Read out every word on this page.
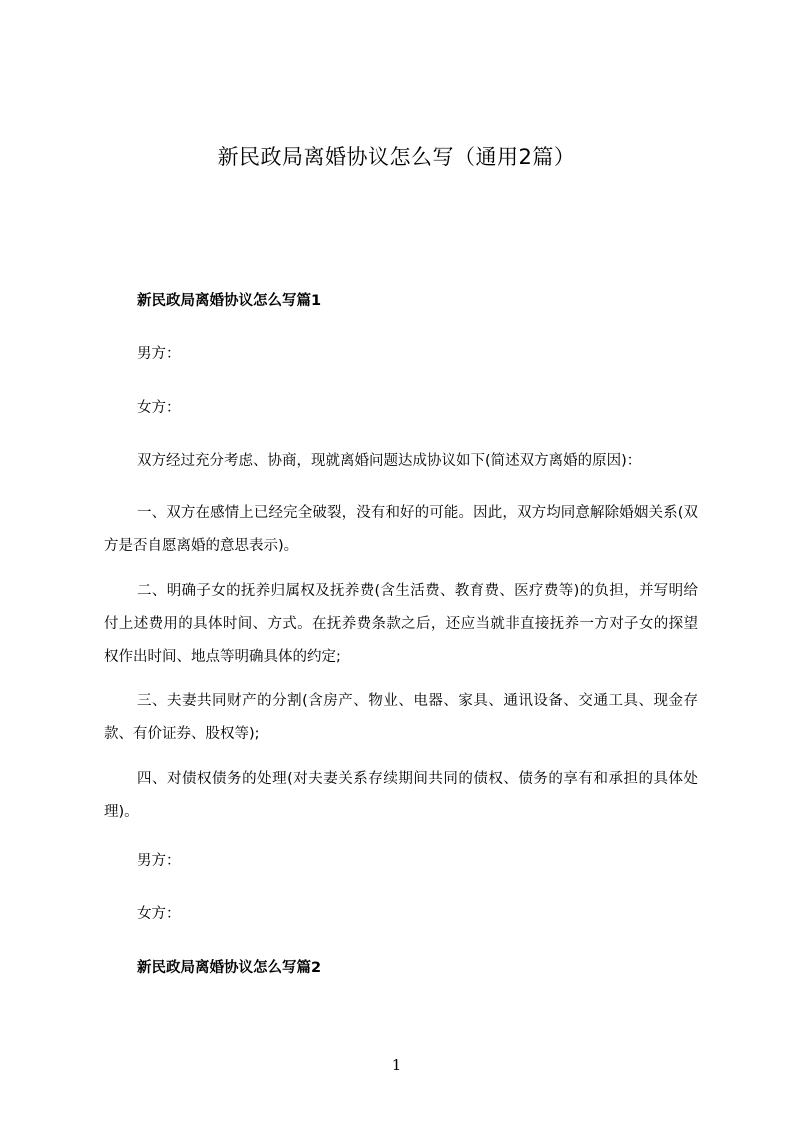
新民政局离婚协议怎么写（通用2篇）
新民政局离婚协议怎么写篇1
男方：
女方：
双方经过充分考虑、协商，现就离婚问题达成协议如下(简述双方离婚的原因)：
一、双方在感情上已经完全破裂，没有和好的可能。因此，双方均同意解除婚姻关系(双方是否自愿离婚的意思表示)。
二、明确子女的抚养归属权及抚养费(含生活费、教育费、医疗费等)的负担，并写明给付上述费用的具体时间、方式。在抚养费条款之后，还应当就非直接抚养一方对子女的探望权作出时间、地点等明确具体的约定;
三、夫妻共同财产的分割(含房产、物业、电器、家具、通讯设备、交通工具、现金存款、有价证券、股权等);
四、对债权债务的处理(对夫妻关系存续期间共同的债权、债务的享有和承担的具体处理)。
男方：
女方：
新民政局离婚协议怎么写篇2
1
